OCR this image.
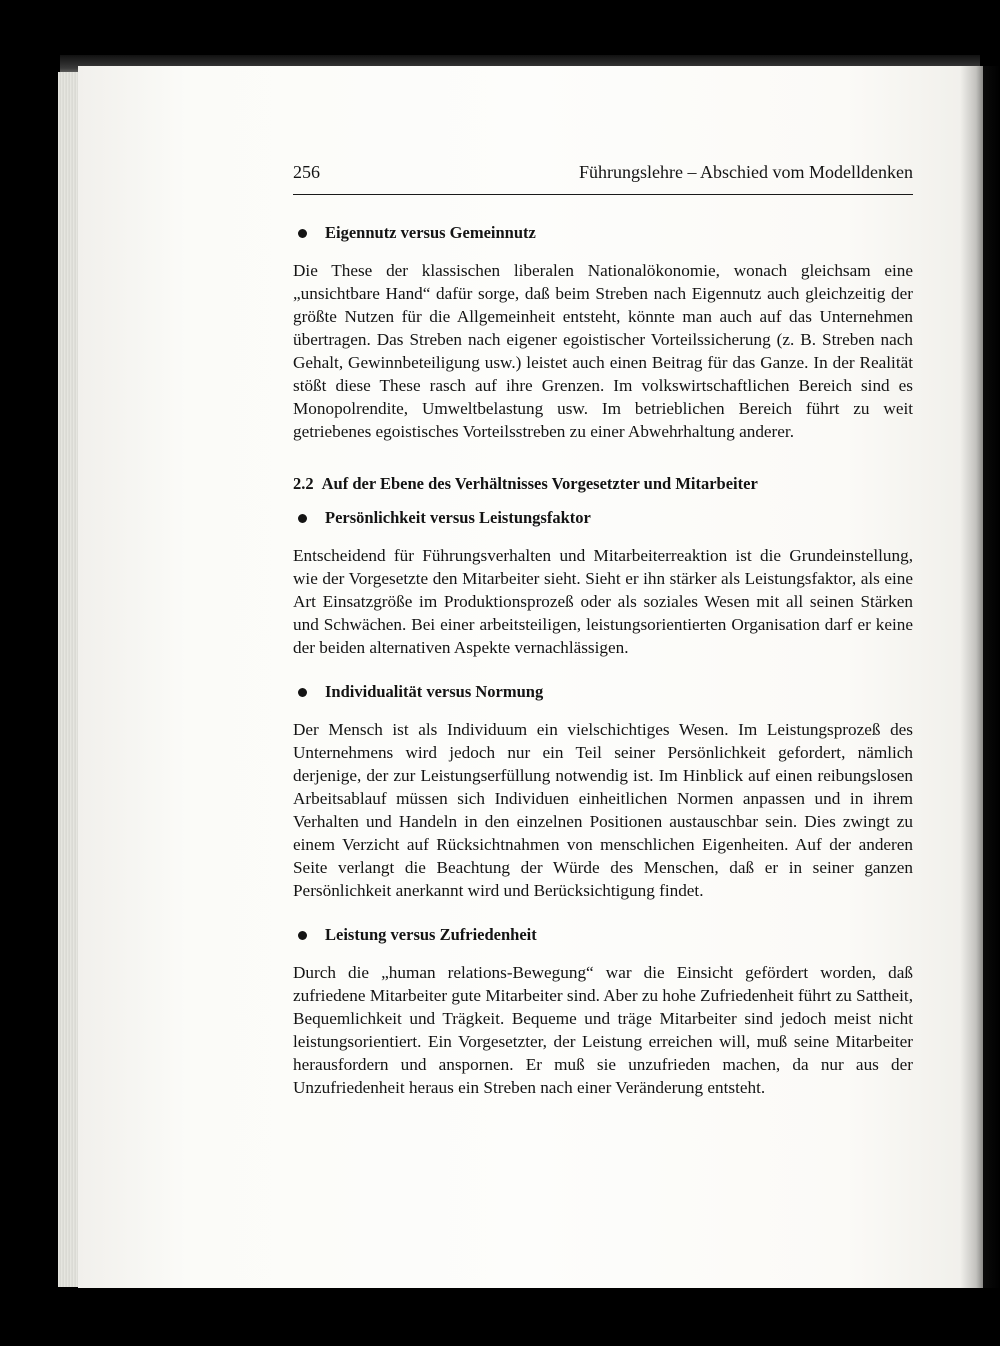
256	Führungslehre – Abschied vom Modelldenken
Eigennutz versus Gemeinnutz

Die These der klassischen liberalen Nationalökonomie, wonach gleichsam eine „unsichtbare Hand“ dafür sorge, daß beim Streben nach Eigennutz auch gleichzeitig der größte Nutzen für die Allgemeinheit entsteht, könnte man auch auf das Unternehmen übertragen. Das Streben nach eigener egoistischer Vorteilssicherung (z. B. Streben nach Gehalt, Gewinnbeteiligung usw.) leistet auch einen Beitrag für das Ganze. In der Realität stößt diese These rasch auf ihre Grenzen. Im volkswirtschaftlichen Bereich sind es Monopolrendite, Umweltbelastung usw. Im betrieblichen Bereich führt zu weit getriebenes egoistisches Vorteilsstreben zu einer Abwehrhaltung anderer.

2.2 Auf der Ebene des Verhältnisses Vorgesetzter und Mitarbeiter
Persönlichkeit versus Leistungsfaktor

Entscheidend für Führungsverhalten und Mitarbeiterreaktion ist die Grundeinstellung, wie der Vorgesetzte den Mitarbeiter sieht. Sieht er ihn stärker als Leistungsfaktor, als eine Art Einsatzgröße im Produktionsprozeß oder als soziales Wesen mit all seinen Stärken und Schwächen. Bei einer arbeitsteiligen, leistungsorientierten Organisation darf er keine der beiden alternativen Aspekte vernachlässigen.

Individualität versus Normung

Der Mensch ist als Individuum ein vielschichtiges Wesen. Im Leistungsprozeß des Unternehmens wird jedoch nur ein Teil seiner Persönlichkeit gefordert, nämlich derjenige, der zur Leistungserfüllung notwendig ist. Im Hinblick auf einen reibungslosen Arbeitsablauf müssen sich Individuen einheitlichen Normen anpassen und in ihrem Verhalten und Handeln in den einzelnen Positionen austauschbar sein. Dies zwingt zu einem Verzicht auf Rücksichtnahmen von menschlichen Eigenheiten. Auf der anderen Seite verlangt die Beachtung der Würde des Menschen, daß er in seiner ganzen Persönlichkeit anerkannt wird und Berücksichtigung findet.

Leistung versus Zufriedenheit

Durch die „human relations-Bewegung“ war die Einsicht gefördert worden, daß zufriedene Mitarbeiter gute Mitarbeiter sind. Aber zu hohe Zufriedenheit führt zu Sattheit, Bequemlichkeit und Trägkeit. Bequeme und träge Mitarbeiter sind jedoch meist nicht leistungsorientiert. Ein Vorgesetzter, der Leistung erreichen will, muß seine Mitarbeiter herausfordern und anspornen. Er muß sie unzufrieden machen, da nur aus der Unzufriedenheit heraus ein Streben nach einer Veränderung entsteht.
